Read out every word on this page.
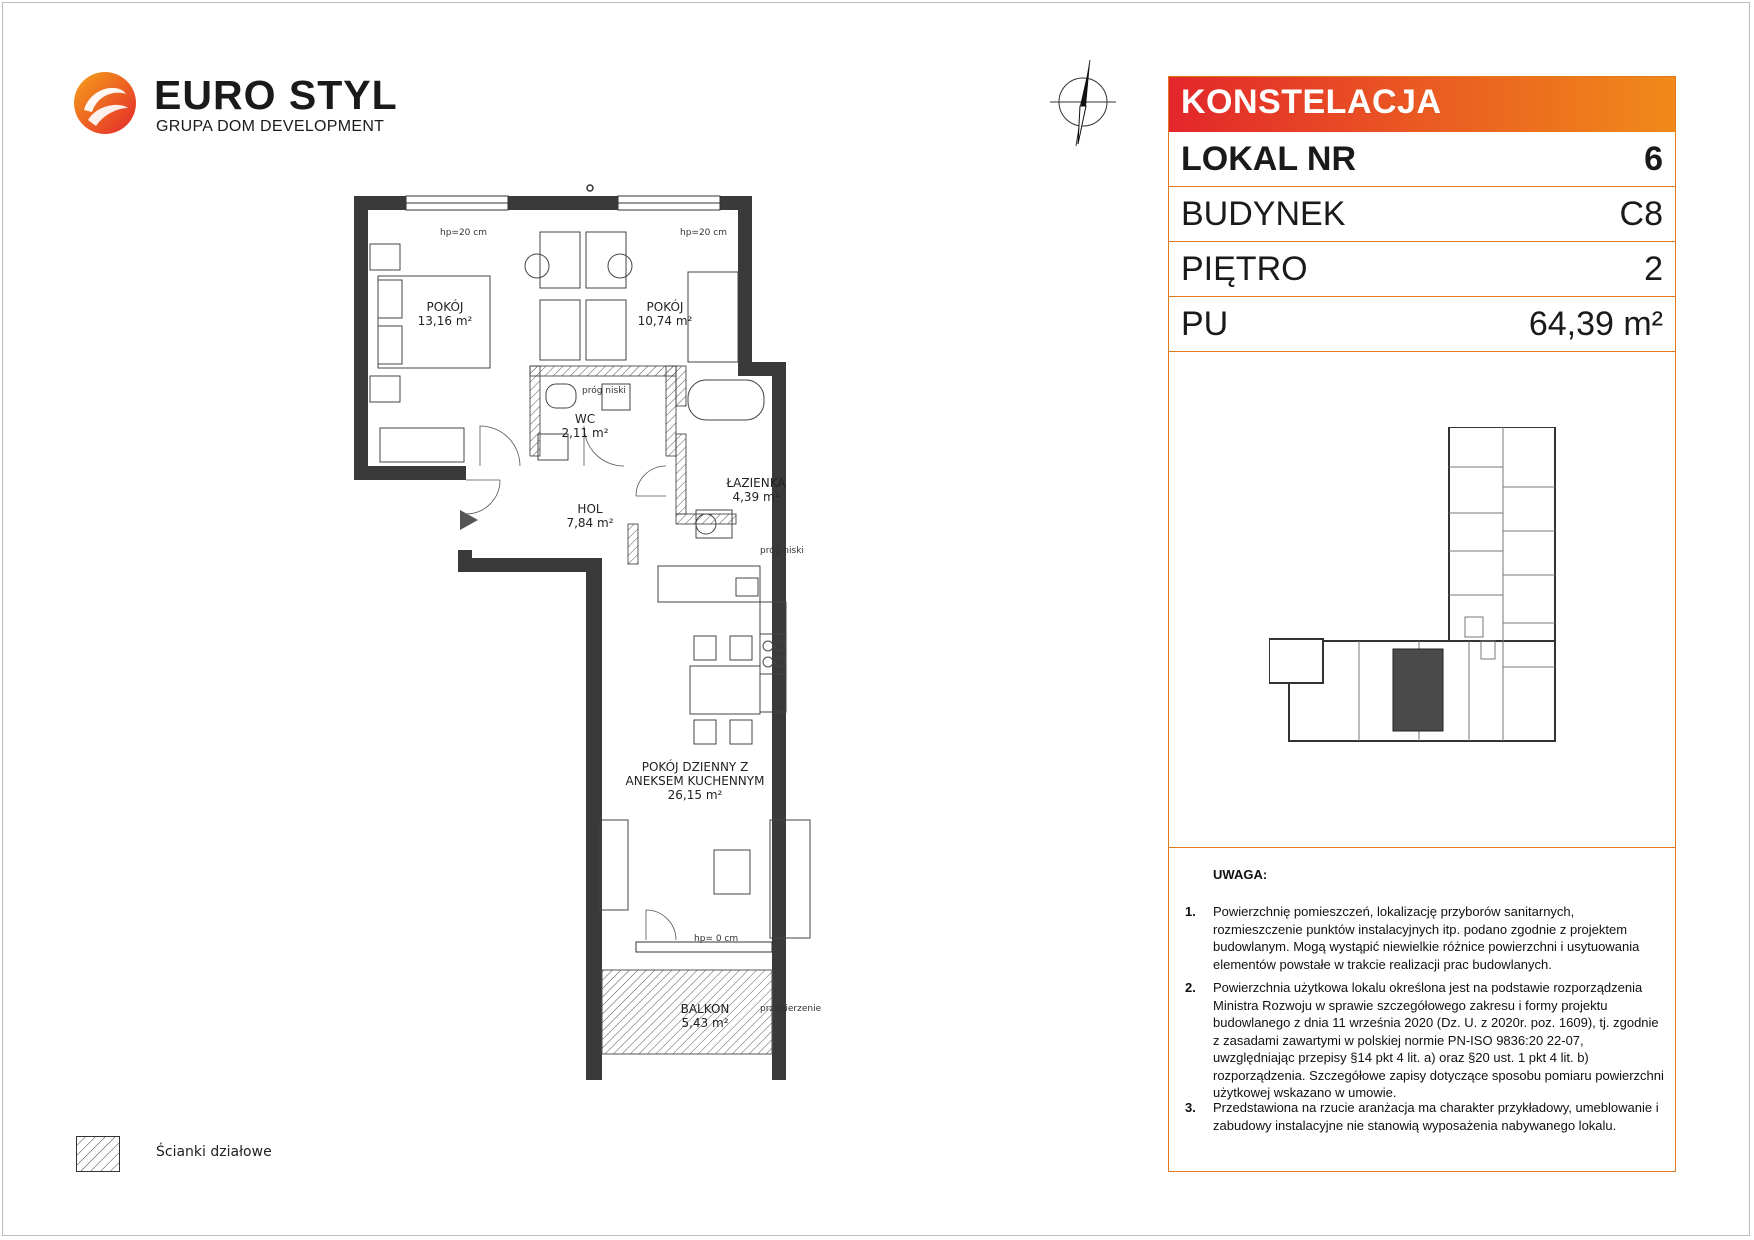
EURO STYL
GRUPA DOM DEVELOPMENT
POKÓJ
13,16 m²
POKÓJ
10,74 m²
WC
2,11 m²
ŁAZIENKA
4,39 m²
HOL
7,84 m²
POKÓJ DZIENNY Z
ANEKSEM KUCHENNYM
26,15 m²
BALKON
5,43 m²
hp=20 cm	hp=20 cm
próg niski
próg niski
hp= 0 cm
przepierzenie
Ścianki działowe
KONSTELACJA
LOKAL NR	6
BUDYNEK	C8
PIĘTRO	2
PU	64,39 m²
UWAGA:
1. Powierzchnię pomieszczeń, lokalizację przyborów sanitarnych, rozmieszczenie punktów instalacyjnych itp. podano zgodnie z projektem budowlanym. Mogą wystąpić niewielkie różnice powierzchni i usytuowania elementów powstałe w trakcie realizacji prac budowlanych.
2. Powierzchnia użytkowa lokalu określona jest na podstawie rozporządzenia Ministra Rozwoju w sprawie szczegółowego zakresu i formy projektu budowlanego z dnia 11 września 2020 (Dz. U. z 2020r. poz. 1609), tj. zgodnie z zasadami zawartymi w polskiej normie PN-ISO 9836:20 22-07, uwzględniając przepisy §14 pkt 4 lit. a) oraz §20 ust. 1 pkt 4 lit. b) rozporządzenia. Szczegółowe zapisy dotyczące sposobu pomiaru powierzchni użytkowej wskazano w umowie.
3. Przedstawiona na rzucie aranżacja ma charakter przykładowy, umeblowanie i zabudowy instalacyjne nie stanowią wyposażenia nabywanego lokalu.
